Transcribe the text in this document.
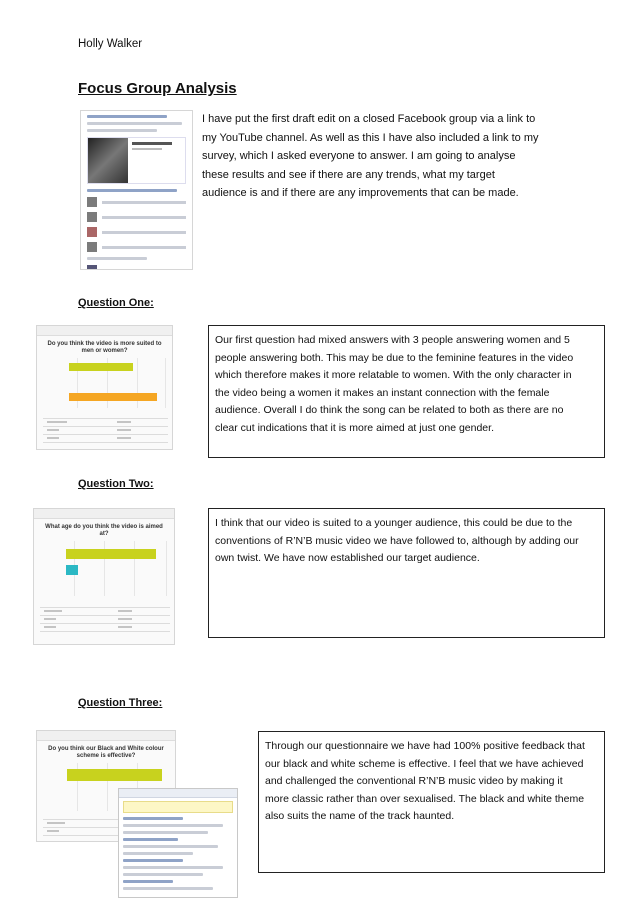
Holly Walker
Focus Group Analysis
I have put the first draft edit on a closed Facebook group via a link to
my YouTube channel. As well as this I have also included a link to my
survey, which I asked everyone to answer. I am going to analyse
these results and see if there are any trends, what my target
audience is and if there are any improvements that can be made.
Question One:
Do you think the video is more suited to
men or women?
Our first question had mixed answers with 3 people answering women and 5
people answering both. This may be due to the feminine features in the video
which therefore makes it more relatable to women. With the only character in
the video being a women it makes an instant connection with the female
audience. Overall I do think the song can be related to both as there are no
clear cut indications that it is more aimed at just one gender.
Question Two:
What age do you think the video is aimed
at?
I think that our video is suited to a younger audience, this could be due to the
conventions of R’N’B music video we have followed to, although by adding our
own twist. We have now established our target audience.
Question Three:
Do you think our Black and White colour
scheme is effective?
Through our questionnaire we have had 100% positive feedback that
our black and white scheme is effective. I feel that we have achieved
and challenged the conventional R’N’B music video by making it
more classic rather than over sexualised. The black and white theme
also suits the name of the track haunted.
